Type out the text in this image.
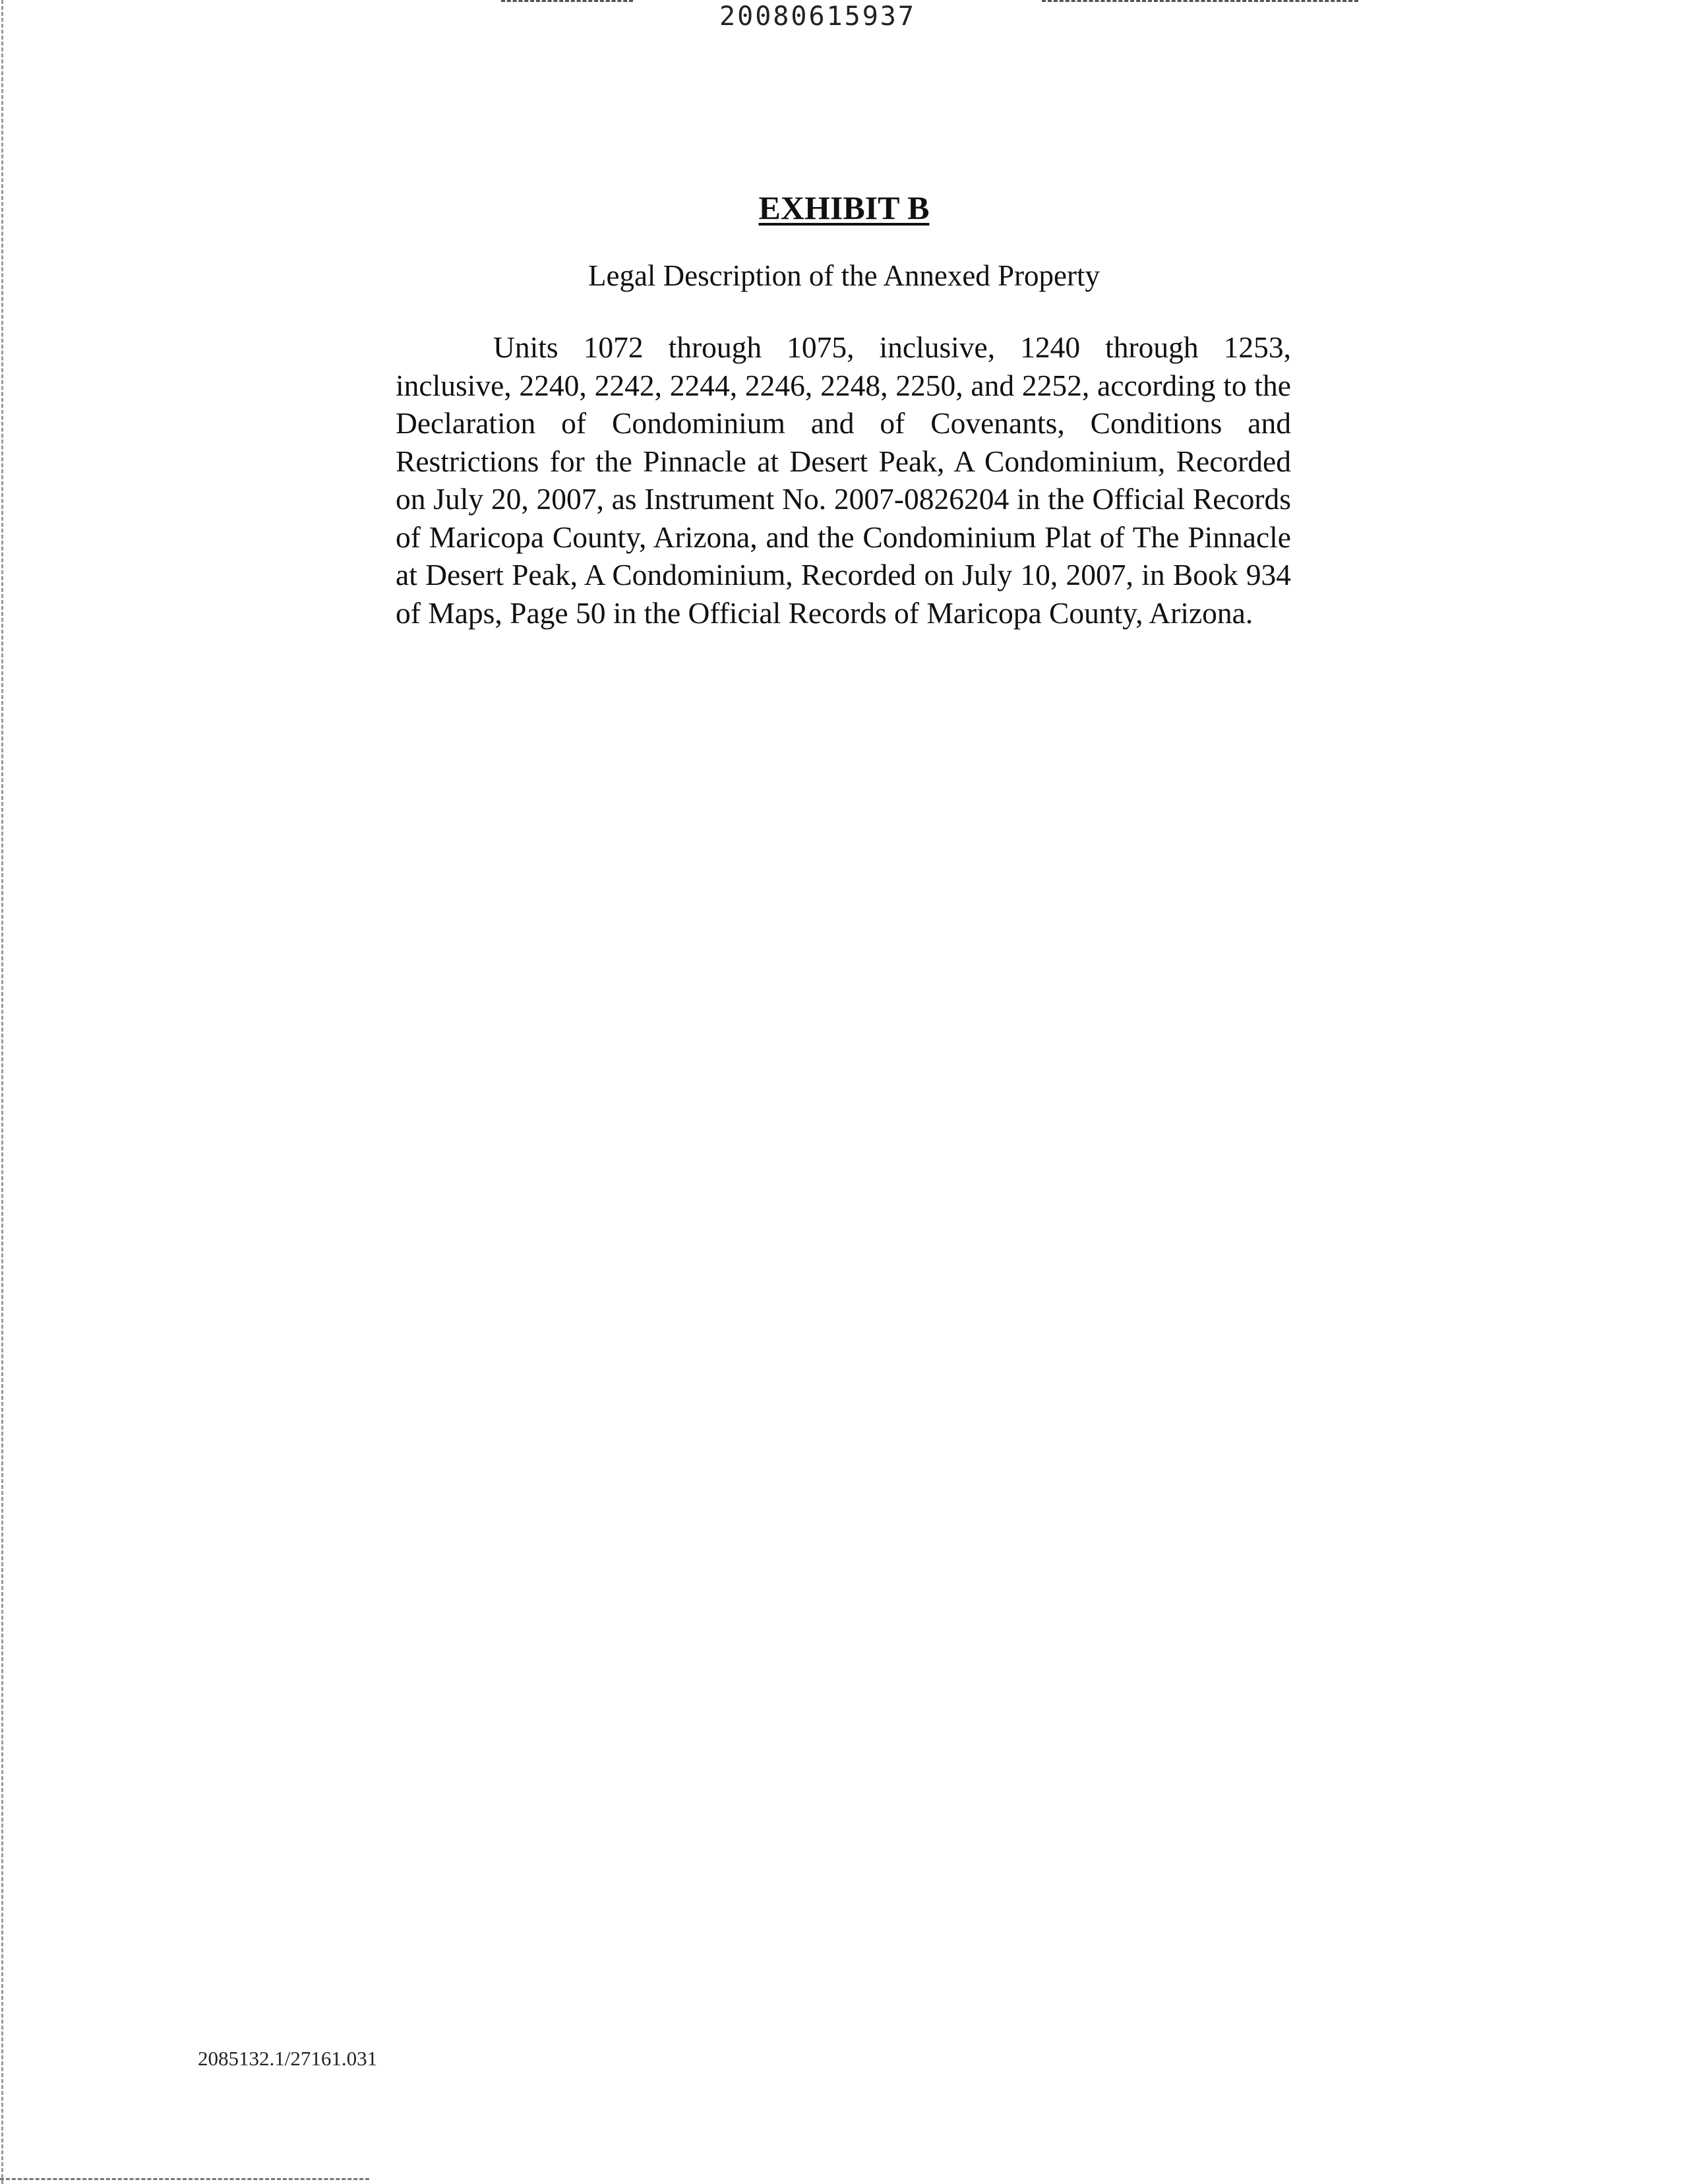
20080615937
EXHIBIT B
Legal Description of the Annexed Property

Units 1072 through 1075, inclusive, 1240 through 1253, inclusive, 2240, 2242, 2244, 2246, 2248, 2250, and 2252, according to the Declaration of Condominium and of Covenants, Conditions and Restrictions for the Pinnacle at Desert Peak, A Condominium, Recorded on July 20, 2007, as Instrument No. 2007-0826204 in the Official Records of Maricopa County, Arizona, and the Condominium Plat of The Pinnacle at Desert Peak, A Condominium, Recorded on July 10, 2007, in Book 934 of Maps, Page 50 in the Official Records of Maricopa County, Arizona.

2085132.1/27161.031
